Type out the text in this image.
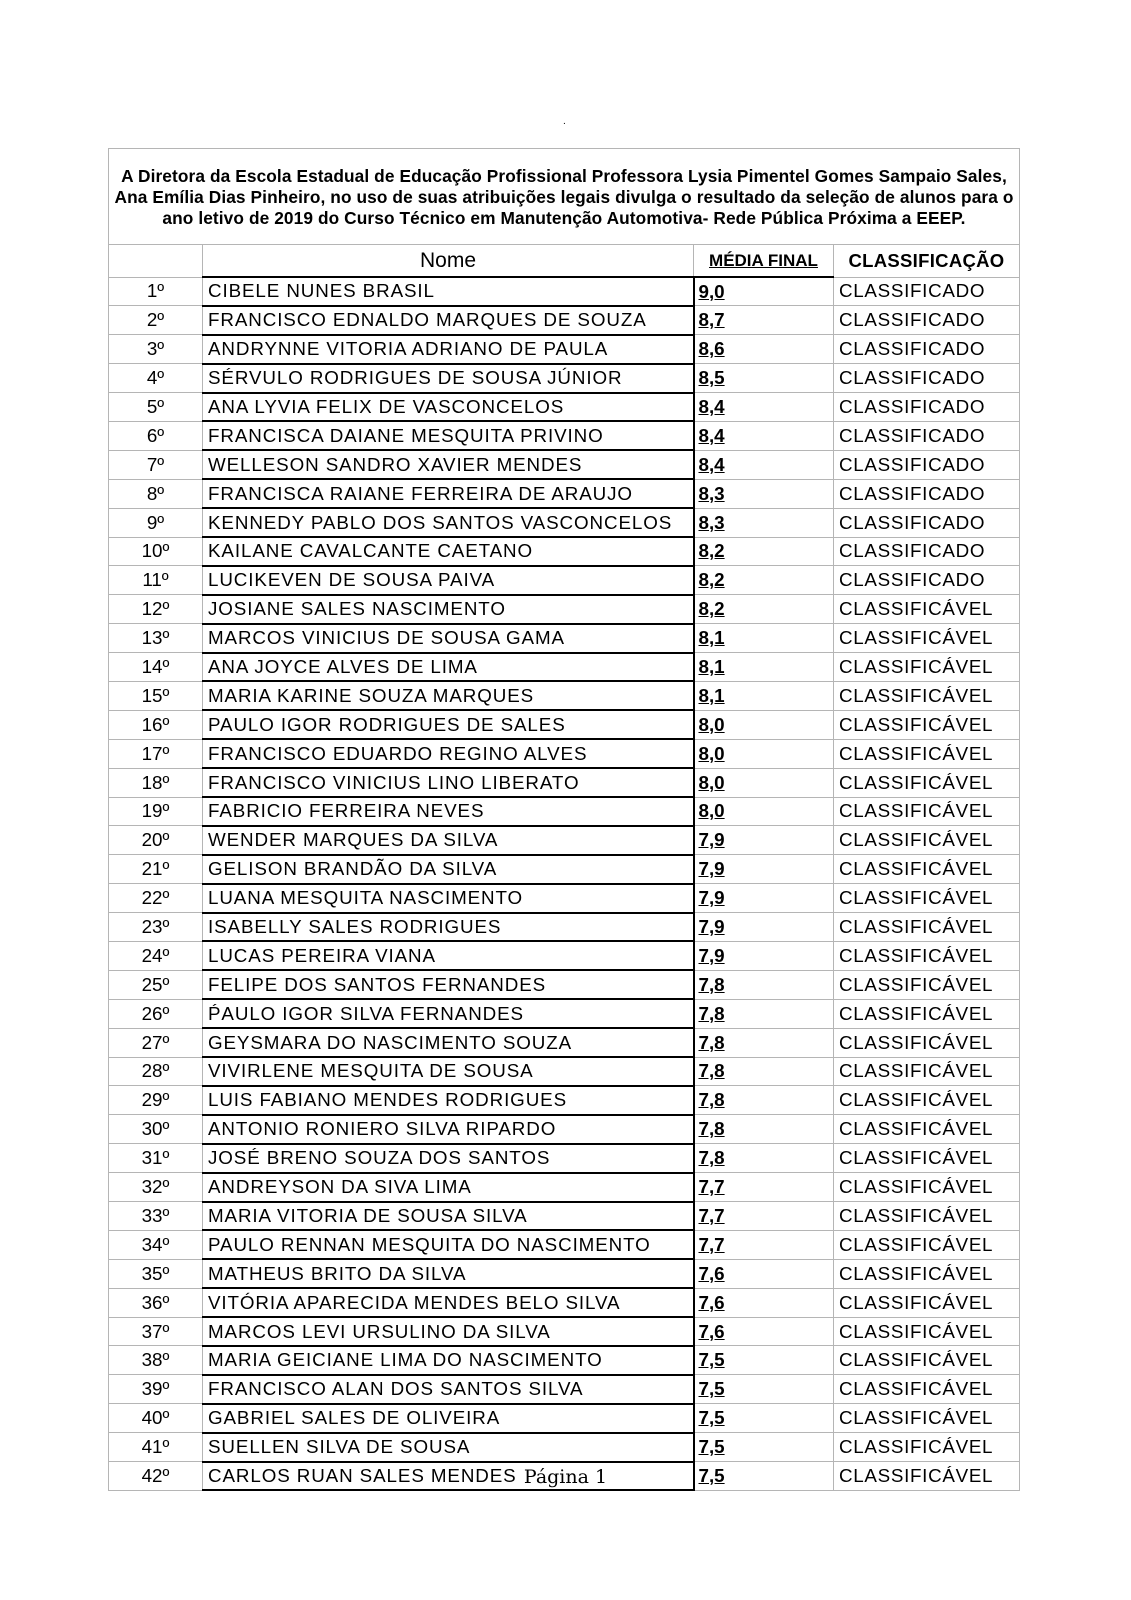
.
A Diretora da Escola Estadual de Educação Profissional Professora Lysia Pimentel Gomes Sampaio Sales, Ana Emília Dias Pinheiro, no uso de suas atribuições legais divulga o resultado da seleção de alunos para o ano letivo de 2019 do Curso Técnico em Manutenção Automotiva- Rede Pública Próxima a EEEP.			
	Nome	MÉDIA FINAL	CLASSIFICAÇÃO
1º	CIBELE NUNES BRASIL	9,0	CLASSIFICADO
2º	FRANCISCO EDNALDO MARQUES DE SOUZA	8,7	CLASSIFICADO
3º	ANDRYNNE VITORIA ADRIANO DE PAULA	8,6	CLASSIFICADO
4º	SÉRVULO RODRIGUES DE SOUSA JÚNIOR	8,5	CLASSIFICADO
5º	ANA LYVIA FELIX DE VASCONCELOS	8,4	CLASSIFICADO
6º	FRANCISCA DAIANE MESQUITA PRIVINO	8,4	CLASSIFICADO
7º	WELLESON SANDRO XAVIER MENDES	8,4	CLASSIFICADO
8º	FRANCISCA RAIANE FERREIRA DE ARAUJO	8,3	CLASSIFICADO
9º	KENNEDY PABLO DOS SANTOS VASCONCELOS	8,3	CLASSIFICADO
10º	KAILANE CAVALCANTE CAETANO	8,2	CLASSIFICADO
11º	LUCIKEVEN DE SOUSA PAIVA	8,2	CLASSIFICADO
12º	JOSIANE SALES NASCIMENTO	8,2	CLASSIFICÁVEL
13º	MARCOS VINICIUS DE SOUSA GAMA	8,1	CLASSIFICÁVEL
14º	ANA JOYCE ALVES DE LIMA	8,1	CLASSIFICÁVEL
15º	MARIA KARINE SOUZA MARQUES	8,1	CLASSIFICÁVEL
16º	PAULO IGOR RODRIGUES DE SALES	8,0	CLASSIFICÁVEL
17º	FRANCISCO EDUARDO REGINO ALVES	8,0	CLASSIFICÁVEL
18º	FRANCISCO VINICIUS LINO LIBERATO	8,0	CLASSIFICÁVEL
19º	FABRICIO FERREIRA NEVES	8,0	CLASSIFICÁVEL
20º	WENDER MARQUES DA SILVA	7,9	CLASSIFICÁVEL
21º	GELISON BRANDÃO DA SILVA	7,9	CLASSIFICÁVEL
22º	LUANA MESQUITA NASCIMENTO	7,9	CLASSIFICÁVEL
23º	ISABELLY SALES RODRIGUES	7,9	CLASSIFICÁVEL
24º	LUCAS PEREIRA VIANA	7,9	CLASSIFICÁVEL
25º	FELIPE DOS SANTOS FERNANDES	7,8	CLASSIFICÁVEL
26º	ṔAULO IGOR SILVA FERNANDES	7,8	CLASSIFICÁVEL
27º	GEYSMARA DO NASCIMENTO SOUZA	7,8	CLASSIFICÁVEL
28º	VIVIRLENE MESQUITA DE SOUSA	7,8	CLASSIFICÁVEL
29º	LUIS FABIANO MENDES RODRIGUES	7,8	CLASSIFICÁVEL
30º	ANTONIO RONIERO SILVA RIPARDO	7,8	CLASSIFICÁVEL
31º	JOSÉ BRENO SOUZA DOS SANTOS	7,8	CLASSIFICÁVEL
32º	ANDREYSON DA SIVA LIMA	7,7	CLASSIFICÁVEL
33º	MARIA VITORIA DE SOUSA SILVA	7,7	CLASSIFICÁVEL
34º	PAULO RENNAN MESQUITA DO NASCIMENTO	7,7	CLASSIFICÁVEL
35º	MATHEUS BRITO DA SILVA	7,6	CLASSIFICÁVEL
36º	VITÓRIA APARECIDA MENDES BELO SILVA	7,6	CLASSIFICÁVEL
37º	MARCOS LEVI URSULINO DA SILVA	7,6	CLASSIFICÁVEL
38º	MARIA GEICIANE LIMA DO NASCIMENTO	7,5	CLASSIFICÁVEL
39º	FRANCISCO ALAN DOS SANTOS SILVA	7,5	CLASSIFICÁVEL
40º	GABRIEL SALES DE OLIVEIRA	7,5	CLASSIFICÁVEL
41º	SUELLEN SILVA DE SOUSA	7,5	CLASSIFICÁVEL
42º	CARLOS RUAN SALES MENDES	7,5	CLASSIFICÁVEL
Página 1
